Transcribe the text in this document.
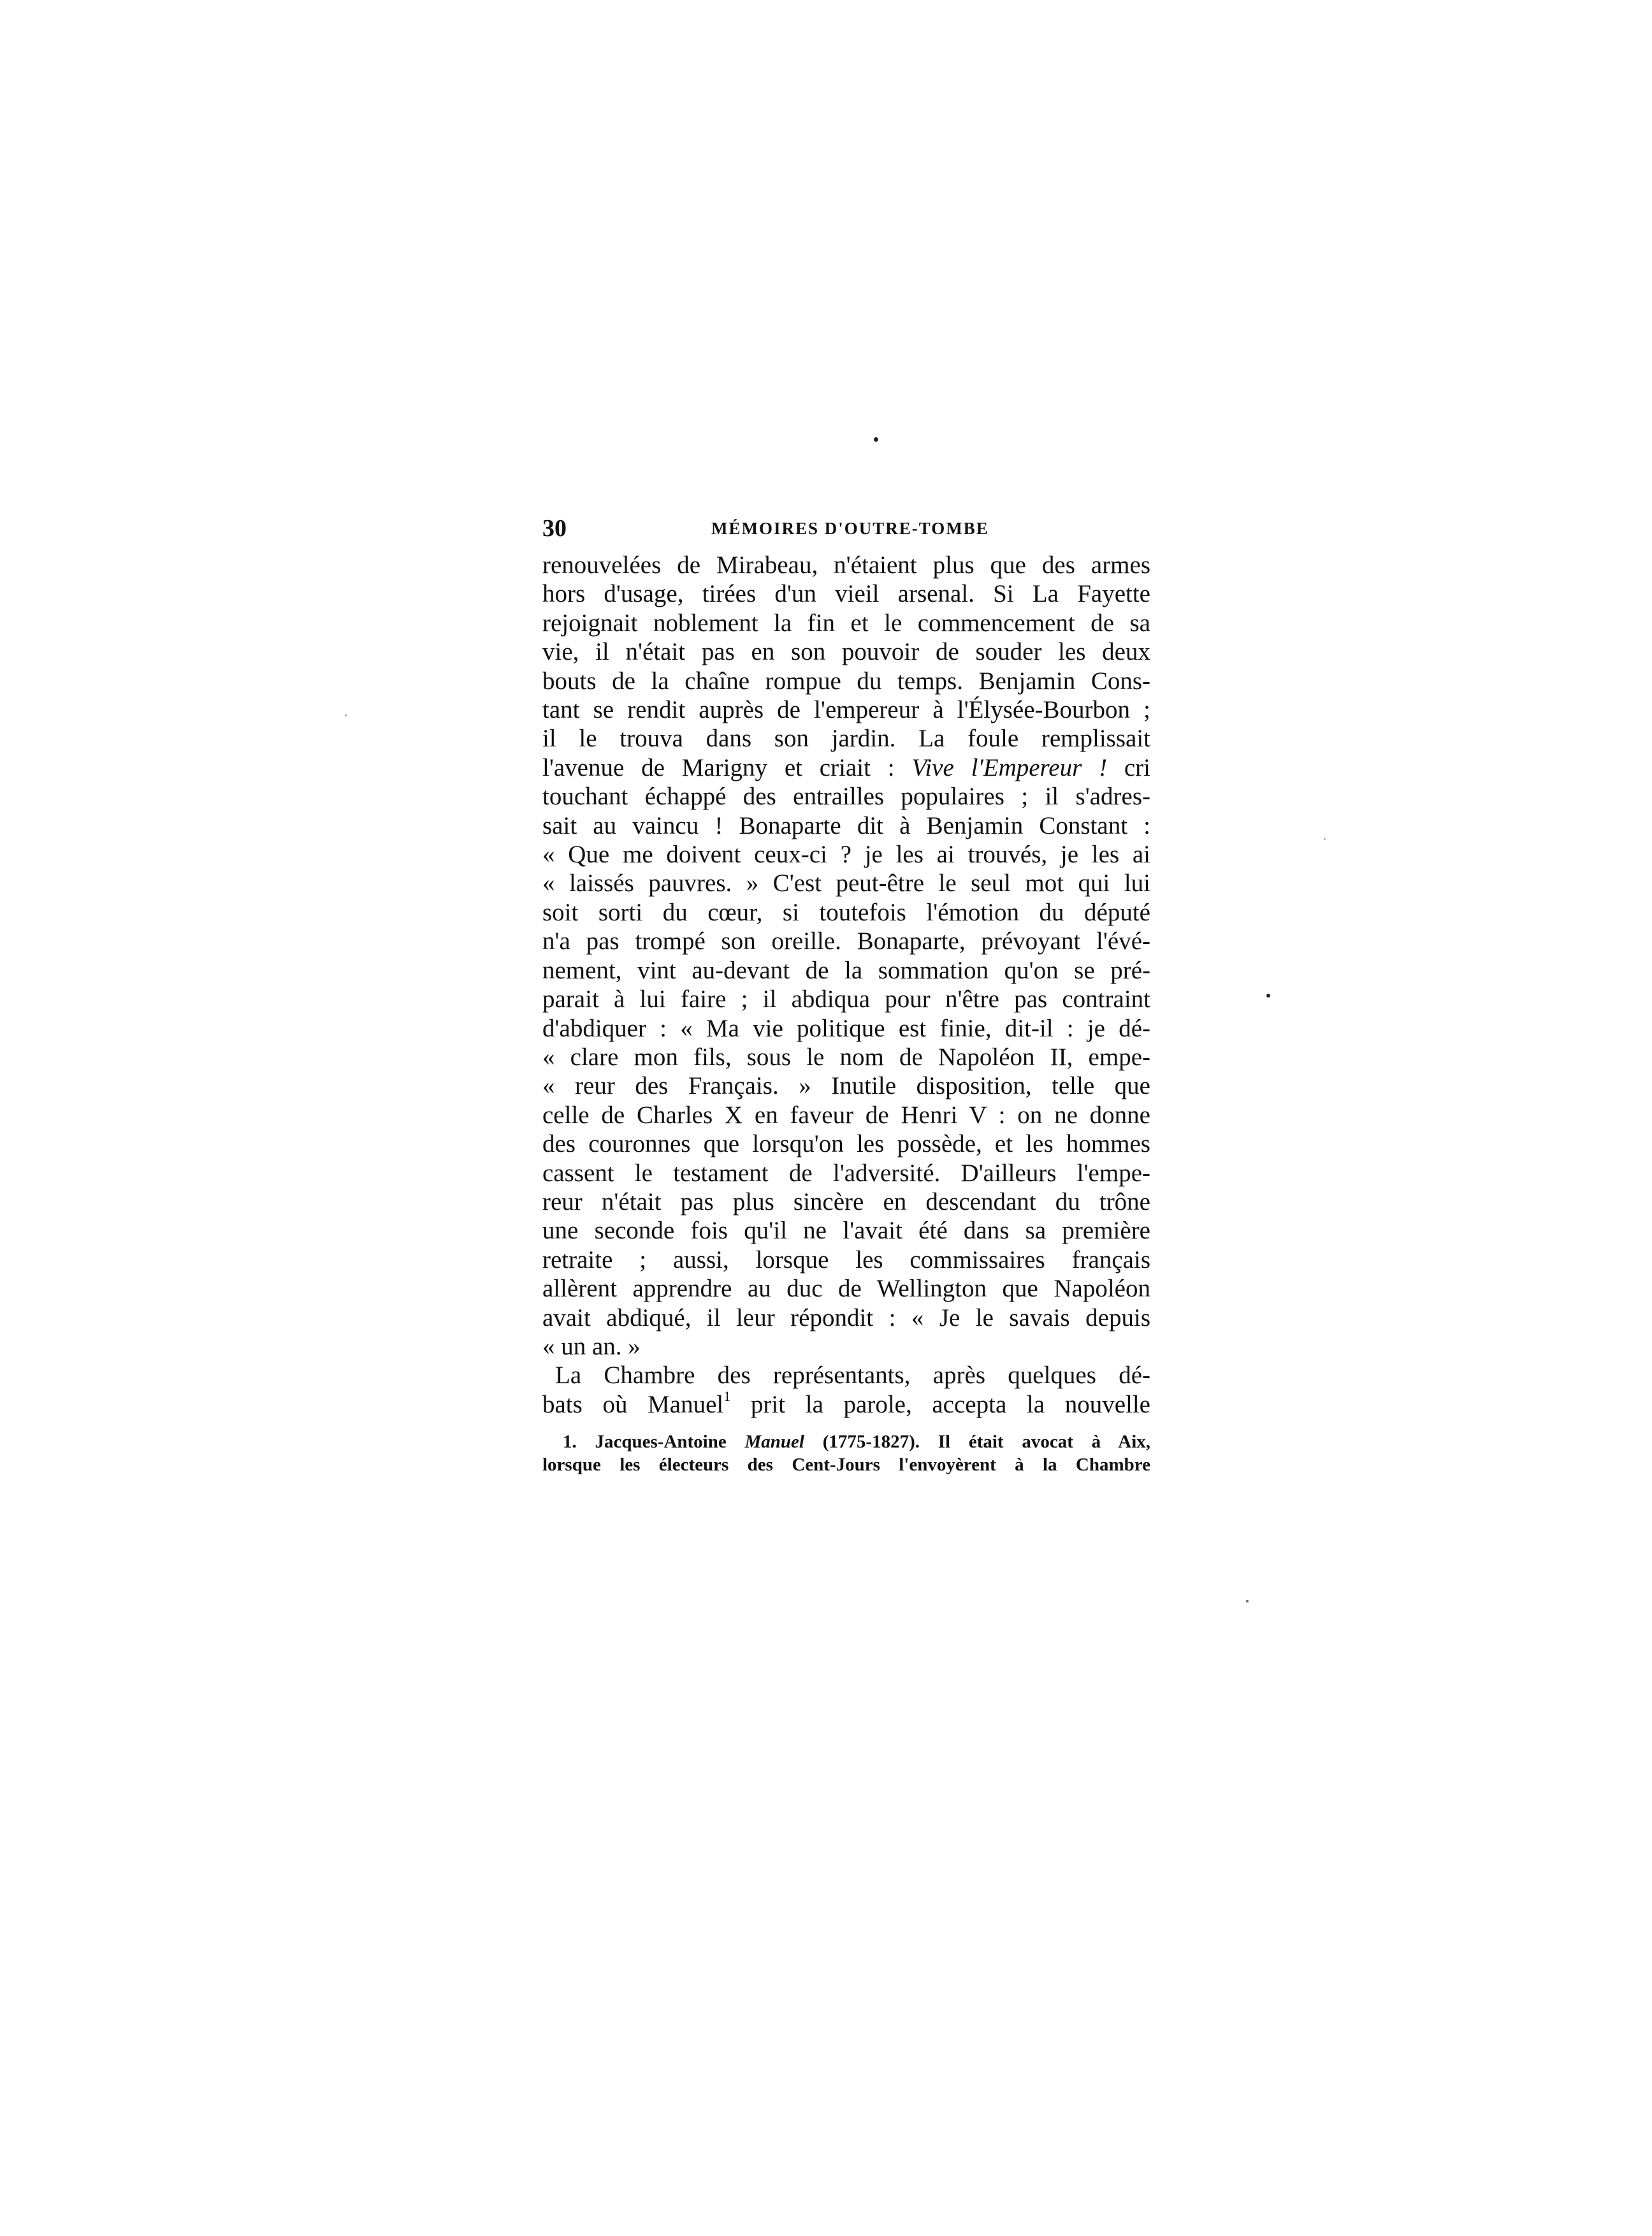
30	MÉMOIRES D'OUTRE-TOMBE
renouvelées de Mirabeau, n'étaient plus que des armes
hors d'usage, tirées d'un vieil arsenal. Si La Fayette
rejoignait noblement la fin et le commencement de sa
vie, il n'était pas en son pouvoir de souder les deux
bouts de la chaîne rompue du temps. Benjamin Cons-
tant se rendit auprès de l'empereur à l'Élysée-Bourbon ;
il le trouva dans son jardin. La foule remplissait
l'avenue de Marigny et criait : Vive l'Empereur ! cri
touchant échappé des entrailles populaires ; il s'adres-
sait au vaincu ! Bonaparte dit à Benjamin Constant :
« Que me doivent ceux-ci ? je les ai trouvés, je les ai
« laissés pauvres. » C'est peut-être le seul mot qui lui
soit sorti du cœur, si toutefois l'émotion du député
n'a pas trompé son oreille. Bonaparte, prévoyant l'évé-
nement, vint au-devant de la sommation qu'on se pré-
parait à lui faire ; il abdiqua pour n'être pas contraint
d'abdiquer : « Ma vie politique est finie, dit-il : je dé-
« clare mon fils, sous le nom de Napoléon II, empe-
« reur des Français. » Inutile disposition, telle que
celle de Charles X en faveur de Henri V : on ne donne
des couronnes que lorsqu'on les possède, et les hommes
cassent le testament de l'adversité. D'ailleurs l'empe-
reur n'était pas plus sincère en descendant du trône
une seconde fois qu'il ne l'avait été dans sa première
retraite ; aussi, lorsque les commissaires français
allèrent apprendre au duc de Wellington que Napoléon
avait abdiqué, il leur répondit : « Je le savais depuis
« un an. »
La Chambre des représentants, après quelques dé-
bats où Manuel$^1$ prit la parole, accepta la nouvelle
1. Jacques-Antoine Manuel (1775-1827). Il était avocat à Aix,
lorsque les électeurs des Cent-Jours l'envoyèrent à la Chambre
